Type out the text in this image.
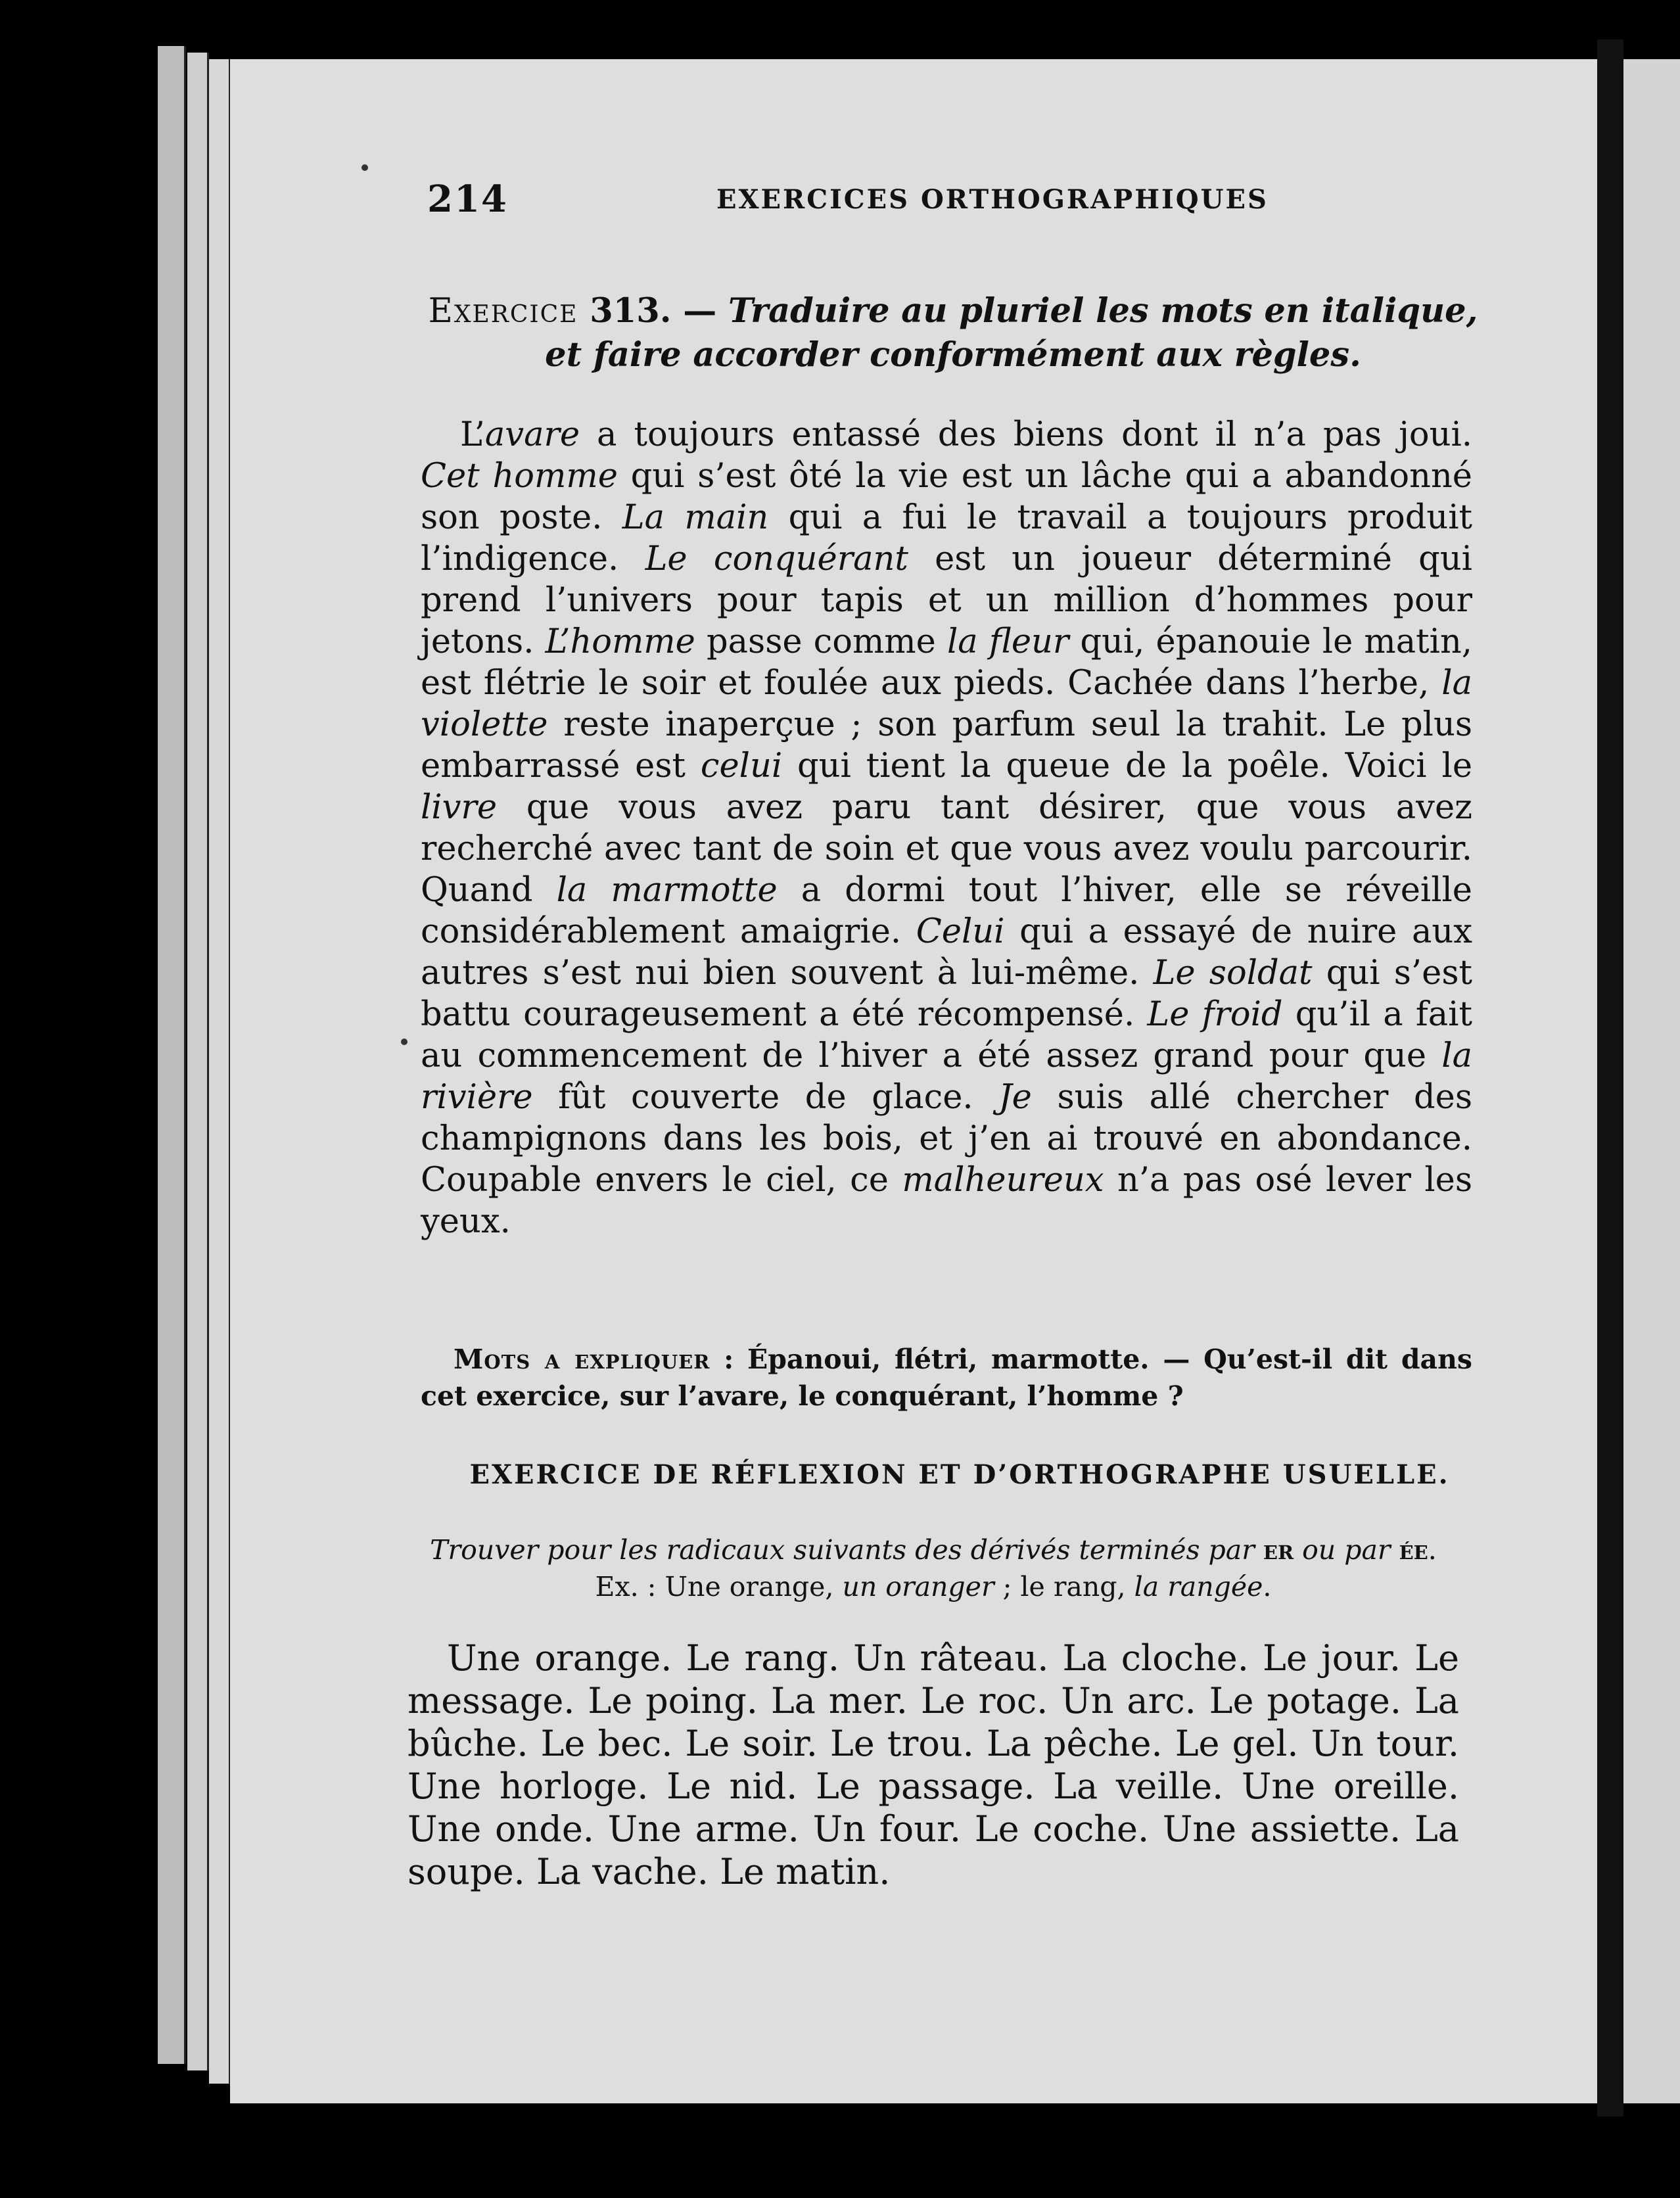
214	EXERCICES ORTHOGRAPHIQUES
Exercice 313. — Traduire au pluriel les mots en italique,
et faire accorder conformément aux règles.
L’avare a toujours entassé des biens dont il n’a pas joui. Cet homme qui s’est ôté la vie est un lâche qui a abandonné son poste. La main qui a fui le travail a toujours produit l’indigence. Le conquérant est un joueur déterminé qui prend l’univers pour tapis et un million d’hommes pour jetons. L’homme passe comme la fleur qui, épanouie le matin, est flétrie le soir et foulée aux pieds. Cachée dans l’herbe, la violette reste inaperçue ; son parfum seul la trahit. Le plus embarrassé est celui qui tient la queue de la poêle. Voici le livre que vous avez paru tant désirer, que vous avez recherché avec tant de soin et que vous avez voulu parcourir. Quand la marmotte a dormi tout l’hiver, elle se réveille considérablement amaigrie. Celui qui a essayé de nuire aux autres s’est nui bien souvent à lui-même. Le soldat qui s’est battu courageusement a été récompensé. Le froid qu’il a fait au commencement de l’hiver a été assez grand pour que la rivière fût couverte de glace. Je suis allé chercher des champignons dans les bois, et j’en ai trouvé en abondance. Coupable envers le ciel, ce malheureux n’a pas osé lever les yeux.
Mots a expliquer : Épanoui, flétri, marmotte. — Qu’est-il dit dans cet exercice, sur l’avare, le conquérant, l’homme ?
EXERCICE DE RÉFLEXION ET D’ORTHOGRAPHE USUELLE.
Trouver pour les radicaux suivants des dérivés terminés par er ou par ée. Ex. : Une orange, un oranger ; le rang, la rangée.
Une orange. Le rang. Un râteau. La cloche. Le jour. Le message. Le poing. La mer. Le roc. Un arc. Le potage. La bûche. Le bec. Le soir. Le trou. La pêche. Le gel. Un tour. Une horloge. Le nid. Le passage. La veille. Une oreille. Une onde. Une arme. Un four. Le coche. Une assiette. La soupe. La vache. Le matin.
